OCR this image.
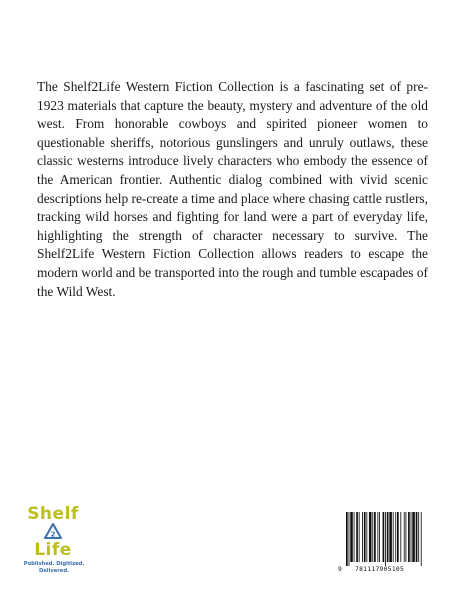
The Shelf2Life Western Fiction Collection is a fascinating set of pre-1923 materials that capture the beauty, mystery and adventure of the old west. From honorable cowboys and spirited pioneer women to questionable sheriffs, notorious gunslingers and unruly outlaws, these classic westerns introduce lively characters who embody the essence of the American frontier. Authentic dialog combined with vivid scenic descriptions help re-create a time and place where chasing cattle rustlers, tracking wild horses and fighting for land were a part of everyday life, highlighting the strength of character necessary to survive. The Shelf2Life Western Fiction Collection allows readers to escape the modern world and be transported into the rough and tumble escapades of the Wild West.

Shelf
2
Life
Published. Digitized. Delivered.	9 781117905105
